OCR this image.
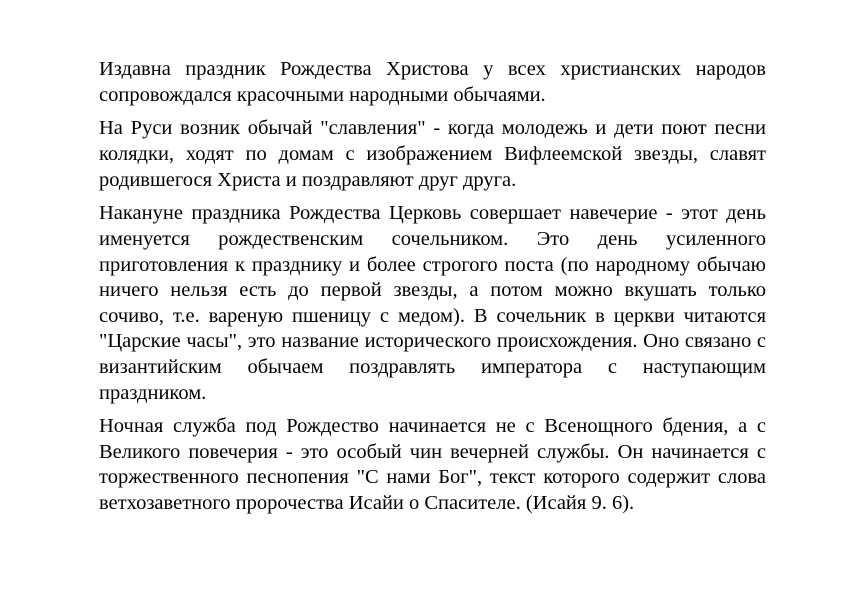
Издавна праздник Рождества Христова у всех христианских народов сопровождался красочными народными обычаями.

На Руси возник обычай "славления" - когда молодежь и дети поют песни колядки, ходят по домам с изображением Вифлеемской звезды, славят родившегося Христа и поздравляют друг друга.

Накануне праздника Рождества Церковь совершает навечерие - этот день именуется рождественским сочельником. Это день усиленного приготовления к празднику и более строгого поста (по народному обычаю ничего нельзя есть до первой звезды, а потом можно вкушать только сочиво, т.е. вареную пшеницу с медом). В сочельник в церкви читаются "Царские часы", это название исторического происхождения. Оно связано с византийским обычаем поздравлять императора с наступающим праздником.

Ночная служба под Рождество начинается не с Всенощного бдения, а с Великого повечерия - это особый чин вечерней службы. Он начинается с торжественного песнопения "С нами Бог", текст которого содержит слова ветхозаветного пророчества Исайи о Спасителе. (Исайя 9. 6).
